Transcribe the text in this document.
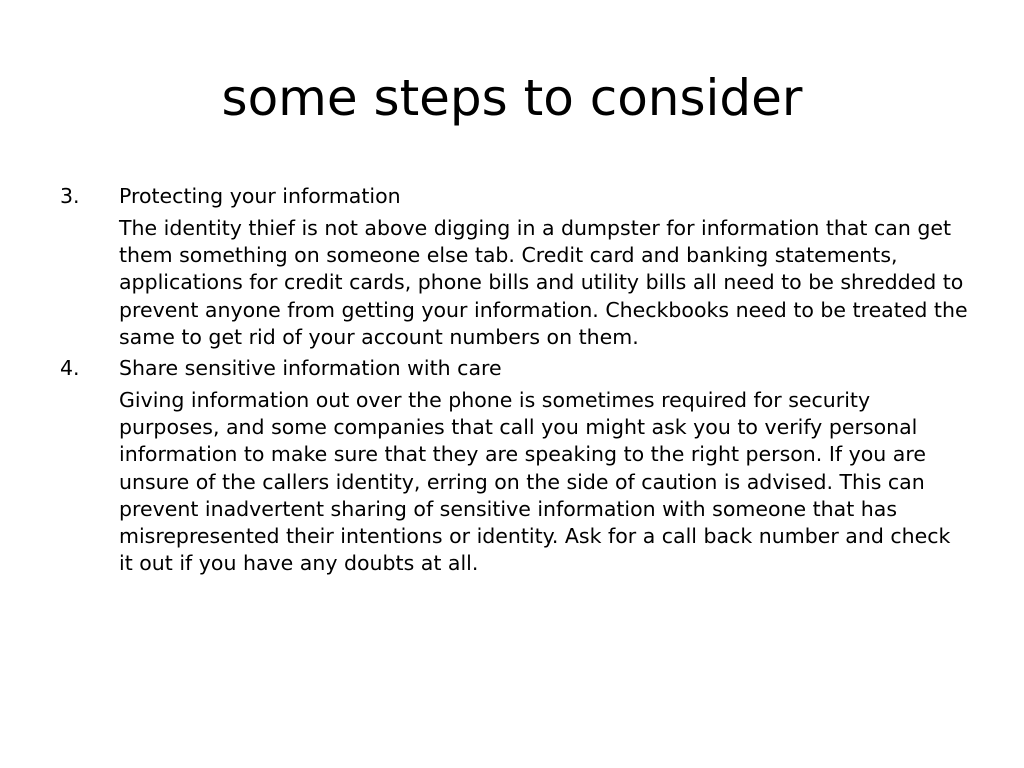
some steps to consider
3.	Protecting your information
The identity thief is not above digging in a dumpster for information that can get them something on someone else tab. Credit card and banking statements, applications for credit cards, phone bills and utility bills all need to be shredded to prevent anyone from getting your information. Checkbooks need to be treated the same to get rid of your account numbers on them.
4.	Share sensitive information with care
Giving information out over the phone is sometimes required for security purposes, and some companies that call you might ask you to verify personal information to make sure that they are speaking to the right person. If you are unsure of the callers identity, erring on the side of caution is advised. This can prevent inadvertent sharing of sensitive information with someone that has misrepresented their intentions or identity. Ask for a call back number and check it out if you have any doubts at all.
